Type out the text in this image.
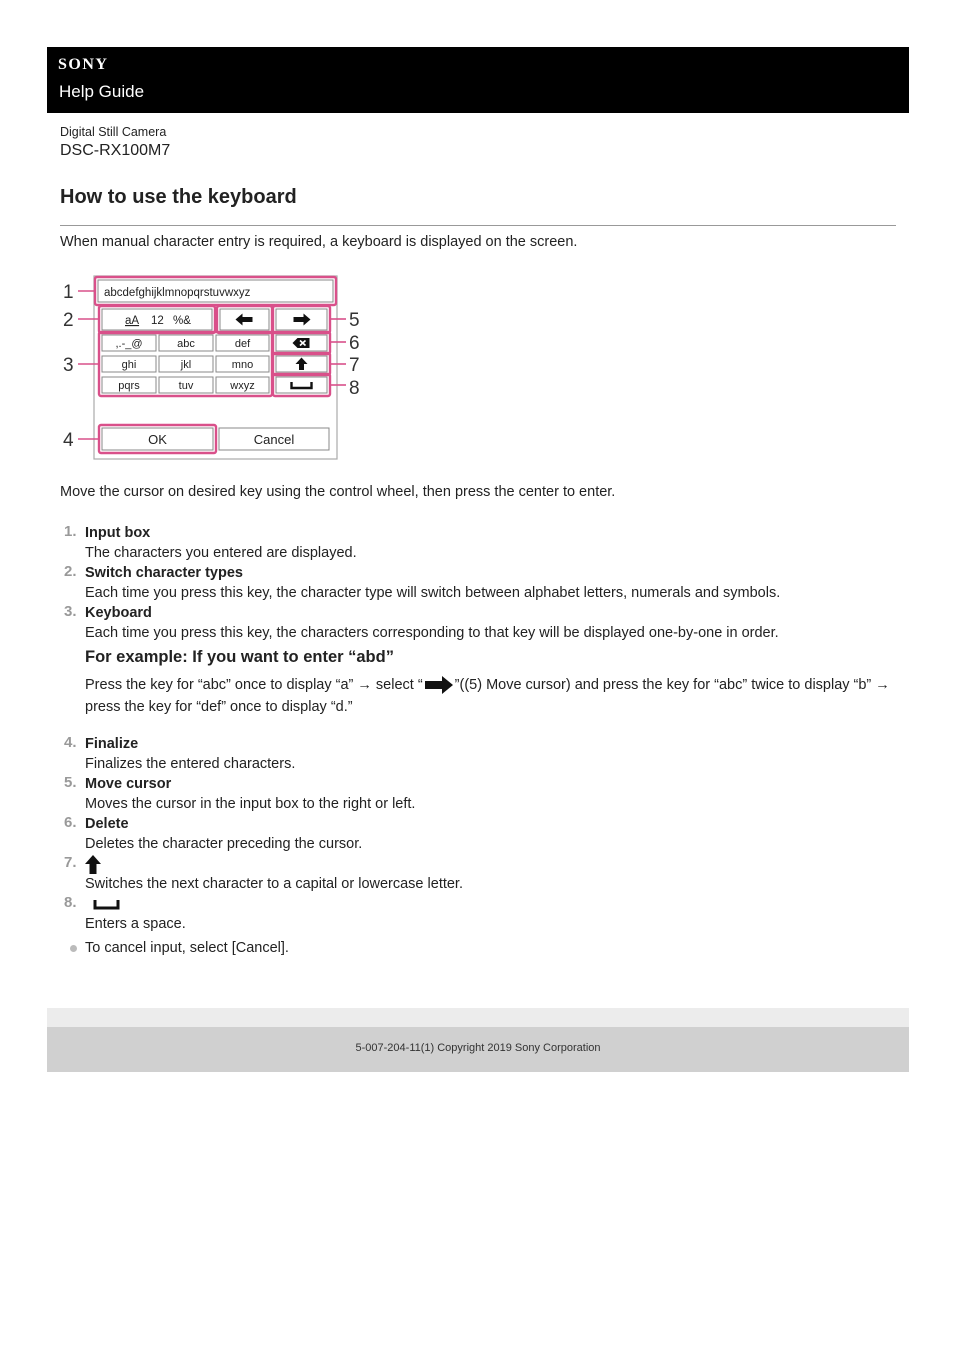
SONY
Help Guide
Digital Still Camera
DSC-RX100M7
How to use the keyboard

When manual character entry is required, a keyboard is displayed on the screen.

abcdefghijklmnopqrstuvwxyz
aA 12 %&
,.-_@	abc	def
ghi	jkl	mno
pqrs	tuv	wxyz
OK	Cancel
1
2
3
4
5
6
7
8

Move the cursor on desired key using the control wheel, then press the center to enter.

1. Input box
The characters you entered are displayed.
2. Switch character types
Each time you press this key, the character type will switch between alphabet letters, numerals and symbols.
3. Keyboard
Each time you press this key, the characters corresponding to that key will be displayed one-by-one in order.
For example: If you want to enter “abd”
Press the key for “abc” once to display “a” → select “ ”((5) Move cursor) and press the key for “abc” twice to display “b” → press the key for “def” once to display “d.”
4. Finalize
Finalizes the entered characters.
5. Move cursor
Moves the cursor in the input box to the right or left.
6. Delete
Deletes the character preceding the cursor.
7.
Switches the next character to a capital or lowercase letter.
8.
Enters a space.
To cancel input, select [Cancel].
5-007-204-11(1) Copyright 2019 Sony Corporation
